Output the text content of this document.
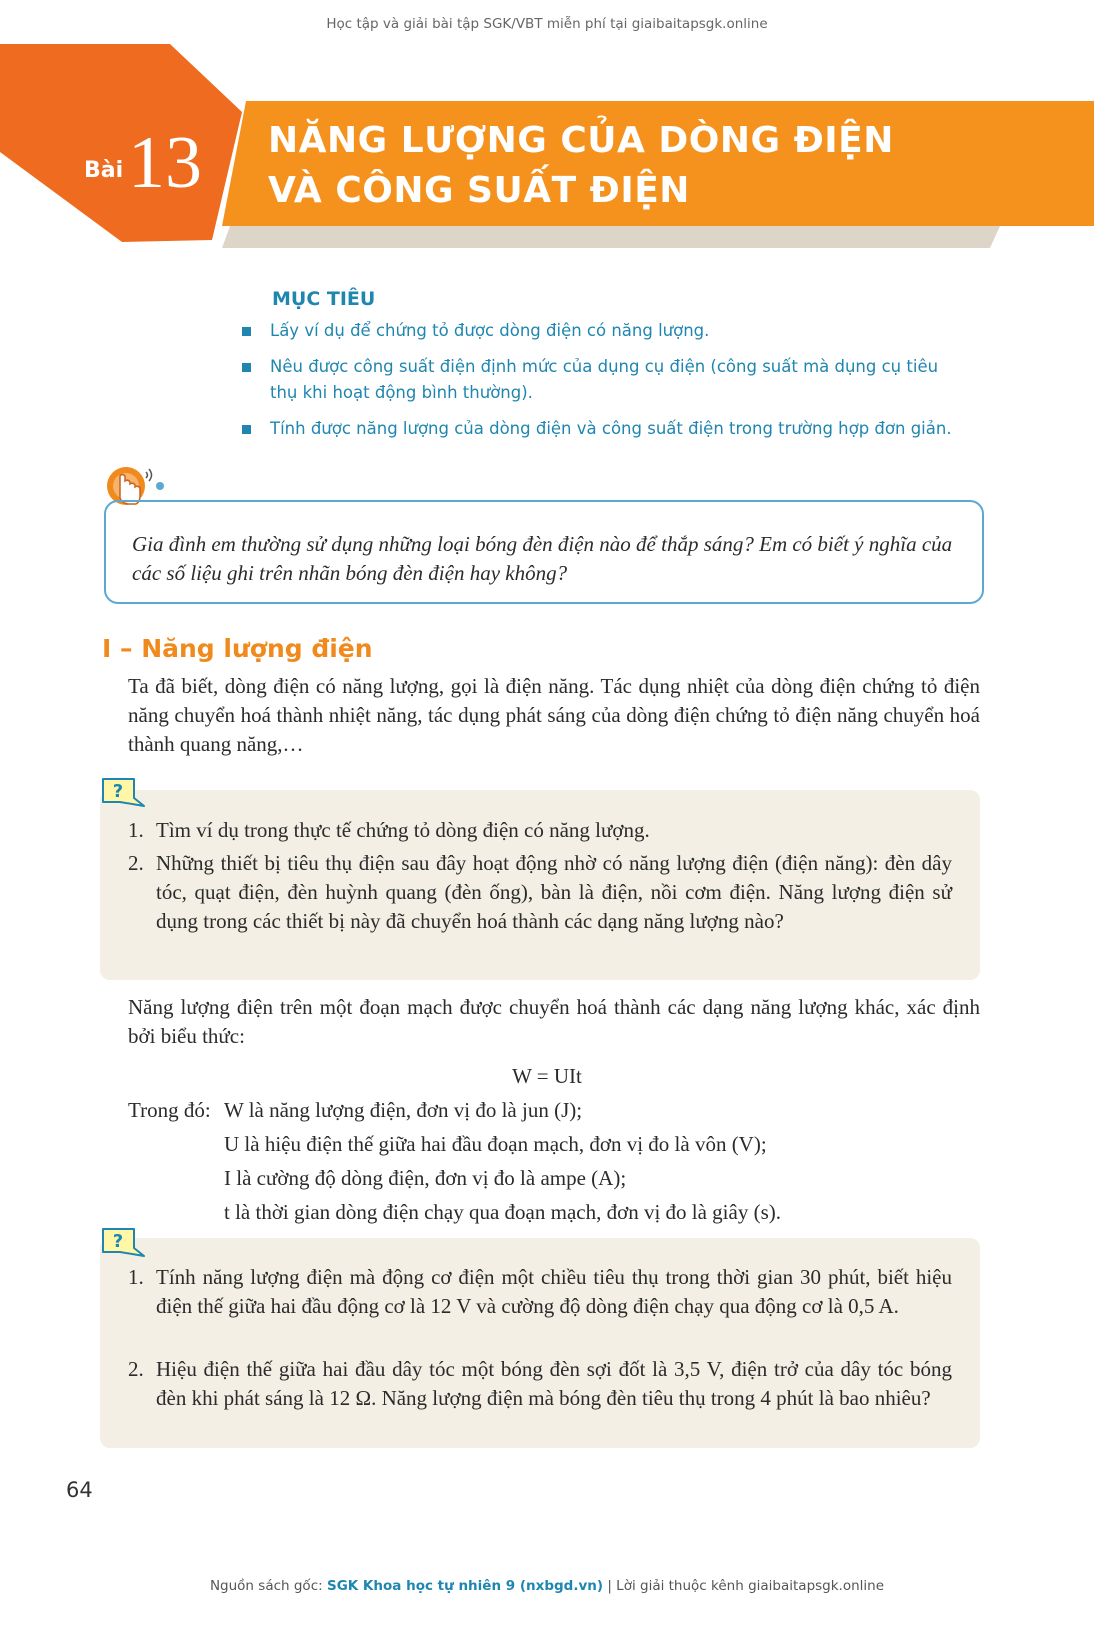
Học tập và giải bài tập SGK/VBT miễn phí tại giaibaitapsgk.online
Bài 13 NĂNG LƯỢNG CỦA DÒNG ĐIỆN
VÀ CÔNG SUẤT ĐIỆN
MỤC TIÊU
Lấy ví dụ để chứng tỏ được dòng điện có năng lượng.
Nêu được công suất điện định mức của dụng cụ điện (công suất mà dụng cụ tiêu thụ khi hoạt động bình thường).
Tính được năng lượng của dòng điện và công suất điện trong trường hợp đơn giản.
Gia đình em thường sử dụng những loại bóng đèn điện nào để thắp sáng? Em có biết ý nghĩa của các số liệu ghi trên nhãn bóng đèn điện hay không?
I – Năng lượng điện
Ta đã biết, dòng điện có năng lượng, gọi là điện năng. Tác dụng nhiệt của dòng điện chứng tỏ điện năng chuyển hoá thành nhiệt năng, tác dụng phát sáng của dòng điện chứng tỏ điện năng chuyển hoá thành quang năng,…
?
1. Tìm ví dụ trong thực tế chứng tỏ dòng điện có năng lượng.
2. Những thiết bị tiêu thụ điện sau đây hoạt động nhờ có năng lượng điện (điện năng): đèn dây tóc, quạt điện, đèn huỳnh quang (đèn ống), bàn là điện, nồi cơm điện. Năng lượng điện sử dụng trong các thiết bị này đã chuyển hoá thành các dạng năng lượng nào?
Năng lượng điện trên một đoạn mạch được chuyển hoá thành các dạng năng lượng khác, xác định bởi biểu thức:
W = UIt
Trong đó: W là năng lượng điện, đơn vị đo là jun (J);
U là hiệu điện thế giữa hai đầu đoạn mạch, đơn vị đo là vôn (V);
I là cường độ dòng điện, đơn vị đo là ampe (A);
t là thời gian dòng điện chạy qua đoạn mạch, đơn vị đo là giây (s).
?
1. Tính năng lượng điện mà động cơ điện một chiều tiêu thụ trong thời gian 30 phút, biết hiệu điện thế giữa hai đầu động cơ là 12 V và cường độ dòng điện chạy qua động cơ là 0,5 A.
2. Hiệu điện thế giữa hai đầu dây tóc một bóng đèn sợi đốt là 3,5 V, điện trở của dây tóc bóng đèn khi phát sáng là 12 Ω. Năng lượng điện mà bóng đèn tiêu thụ trong 4 phút là bao nhiêu?
64
Nguồn sách gốc: SGK Khoa học tự nhiên 9 (nxbgd.vn) | Lời giải thuộc kênh giaibaitapsgk.online
